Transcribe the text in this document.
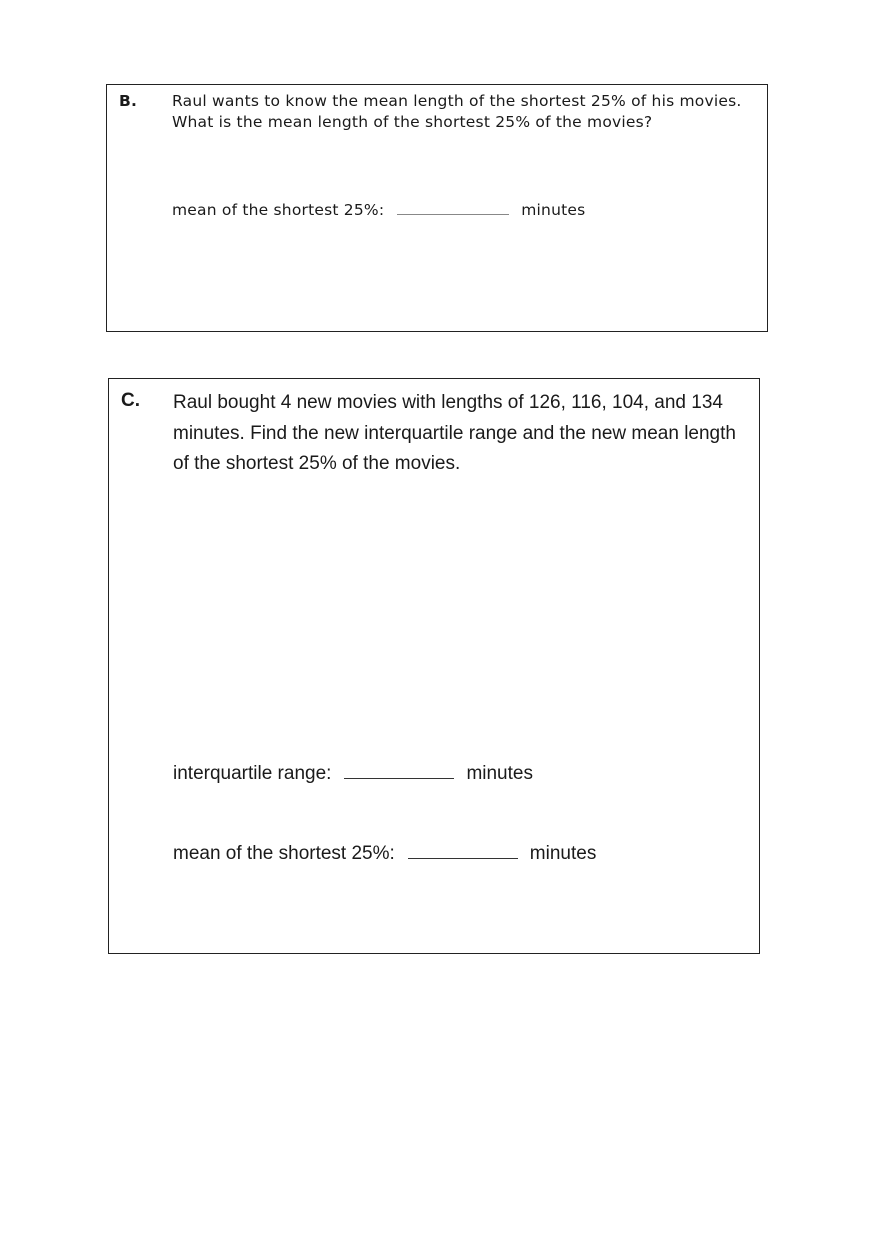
B. Raul wants to know the mean length of the shortest 25% of his movies. What is the mean length of the shortest 25% of the movies?

mean of the shortest 25%:	minutes
C. Raul bought 4 new movies with lengths of 126, 116, 104, and 134 minutes. Find the new interquartile range and the new mean length of the shortest 25% of the movies.

interquartile range:	minutes
mean of the shortest 25%:	minutes
